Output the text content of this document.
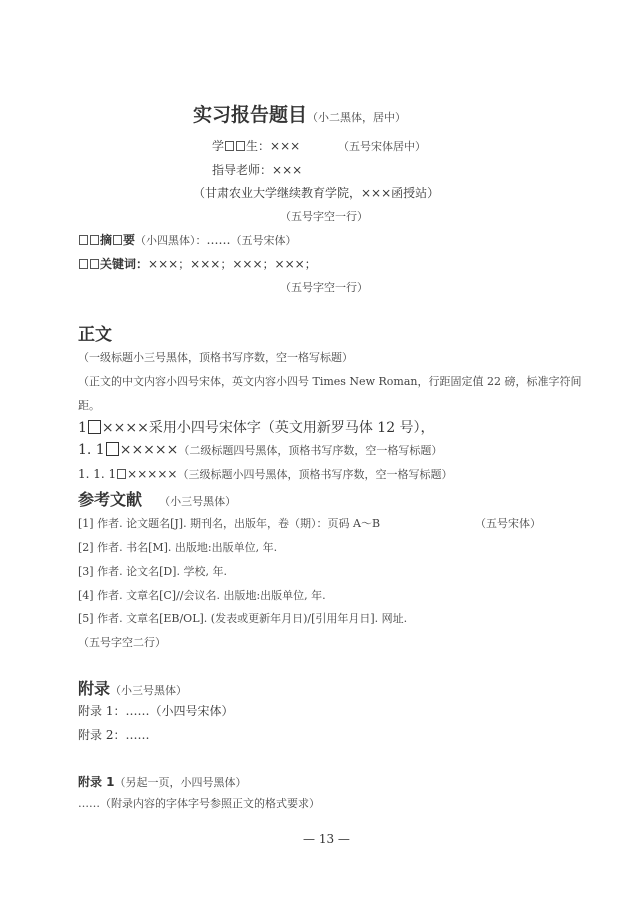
实习报告题目（小二黑体，居中）
学 生：×××	（五号宋体居中）
指导老师：×××
（甘肃农业大学继续教育学院，×××函授站）
（五号字空一行）
摘 要（小四黑体）：……（五号宋体）
关键词：×××；×××；×××；×××；
（五号字空一行）
正文
（一级标题小三号黑体，顶格书写序数，空一格写标题）
（正文的中文内容小四号宋体，英文内容小四号 Times New Roman，行距固定值 22 磅，标准字符间
距。
1 ××××采用小四号宋体字（英文用新罗马体 12 号），
1. 1 ×××××（二级标题四号黑体，顶格书写序数，空一格写标题）
1. 1. 1 ×××××（三级标题小四号黑体，顶格书写序数，空一格写标题）
参考文献 （小三号黑体）
[1] 作者. 论文题名[J]. 期刊名，出版年，卷（期）：页码 A～B	（五号宋体）
[2] 作者. 书名[M]. 出版地:出版单位, 年.
[3] 作者. 论文名[D]. 学校, 年.
[4] 作者. 文章名[C]//会议名. 出版地:出版单位, 年.
[5] 作者. 文章名[EB/OL]. (发表或更新年月日)/[引用年月日]. 网址.
（五号字空二行）
附录（小三号黑体）
附录 1：……（小四号宋体）
附录 2：……
附录 1（另起一页，小四号黑体）
……（附录内容的字体字号参照正文的格式要求）
— 13 —
